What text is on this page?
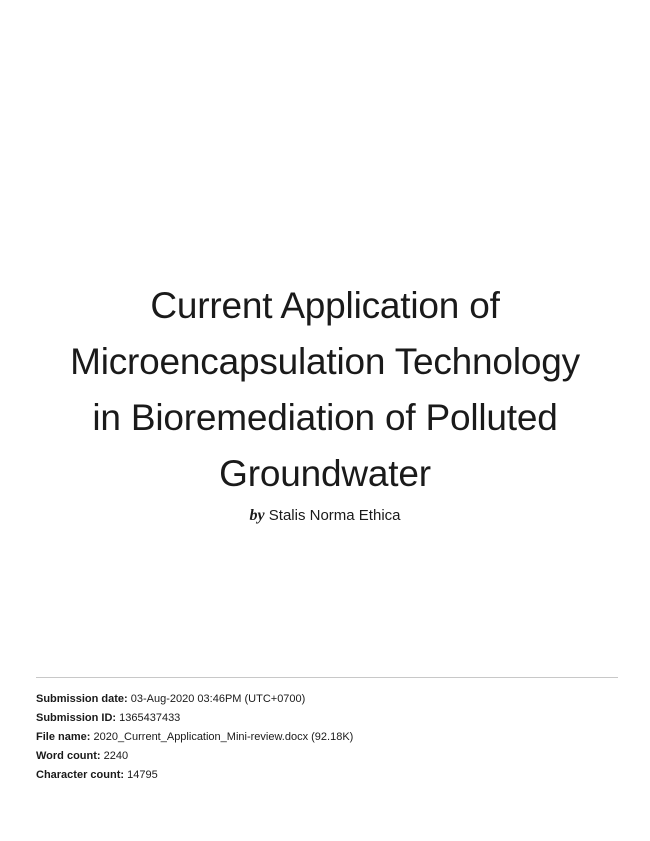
Current Application of
Microencapsulation Technology
in Bioremediation of Polluted
Groundwater
by Stalis Norma Ethica
Submission date: 03-Aug-2020 03:46PM (UTC+0700)
Submission ID: 1365437433
File name: 2020_Current_Application_Mini-review.docx (92.18K)
Word count: 2240
Character count: 14795
